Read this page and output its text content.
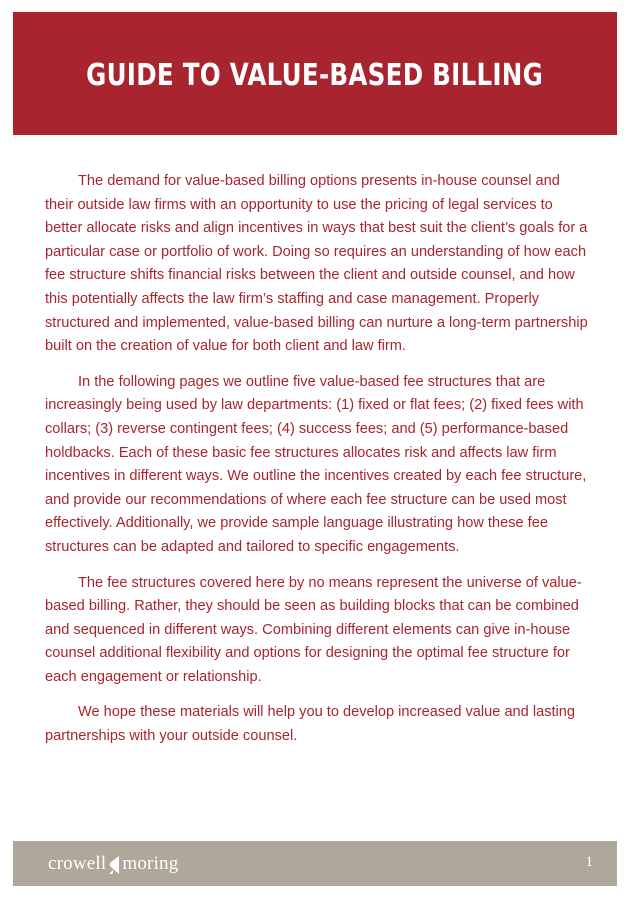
GUIDE TO VALUE-BASED BILLING

The demand for value-based billing options presents in-house counsel and their outside law firms with an opportunity to use the pricing of legal services to better allocate risks and align incentives in ways that best suit the client’s goals for a particular case or portfolio of work. Doing so requires an understanding of how each fee structure shifts financial risks between the client and outside counsel, and how this potentially affects the law firm’s staffing and case management. Properly structured and implemented, value-based billing can nurture a long-term partnership built on the creation of value for both client and law firm.

In the following pages we outline five value-based fee structures that are increasingly being used by law departments: (1) fixed or flat fees; (2) fixed fees with collars; (3) reverse contingent fees; (4) success fees; and (5) performance-based holdbacks. Each of these basic fee structures allocates risk and affects law firm incentives in different ways. We outline the incentives created by each fee structure, and provide our recommendations of where each fee structure can be used most effectively. Additionally, we provide sample language illustrating how these fee structures can be adapted and tailored to specific engagements.

The fee structures covered here by no means represent the universe of value-based billing. Rather, they should be seen as building blocks that can be combined and sequenced in different ways. Combining different elements can give in-house counsel additional flexibility and options for designing the optimal fee structure for each engagement or relationship.

We hope these materials will help you to develop increased value and lasting partnerships with your outside counsel.

crowell moring	1
